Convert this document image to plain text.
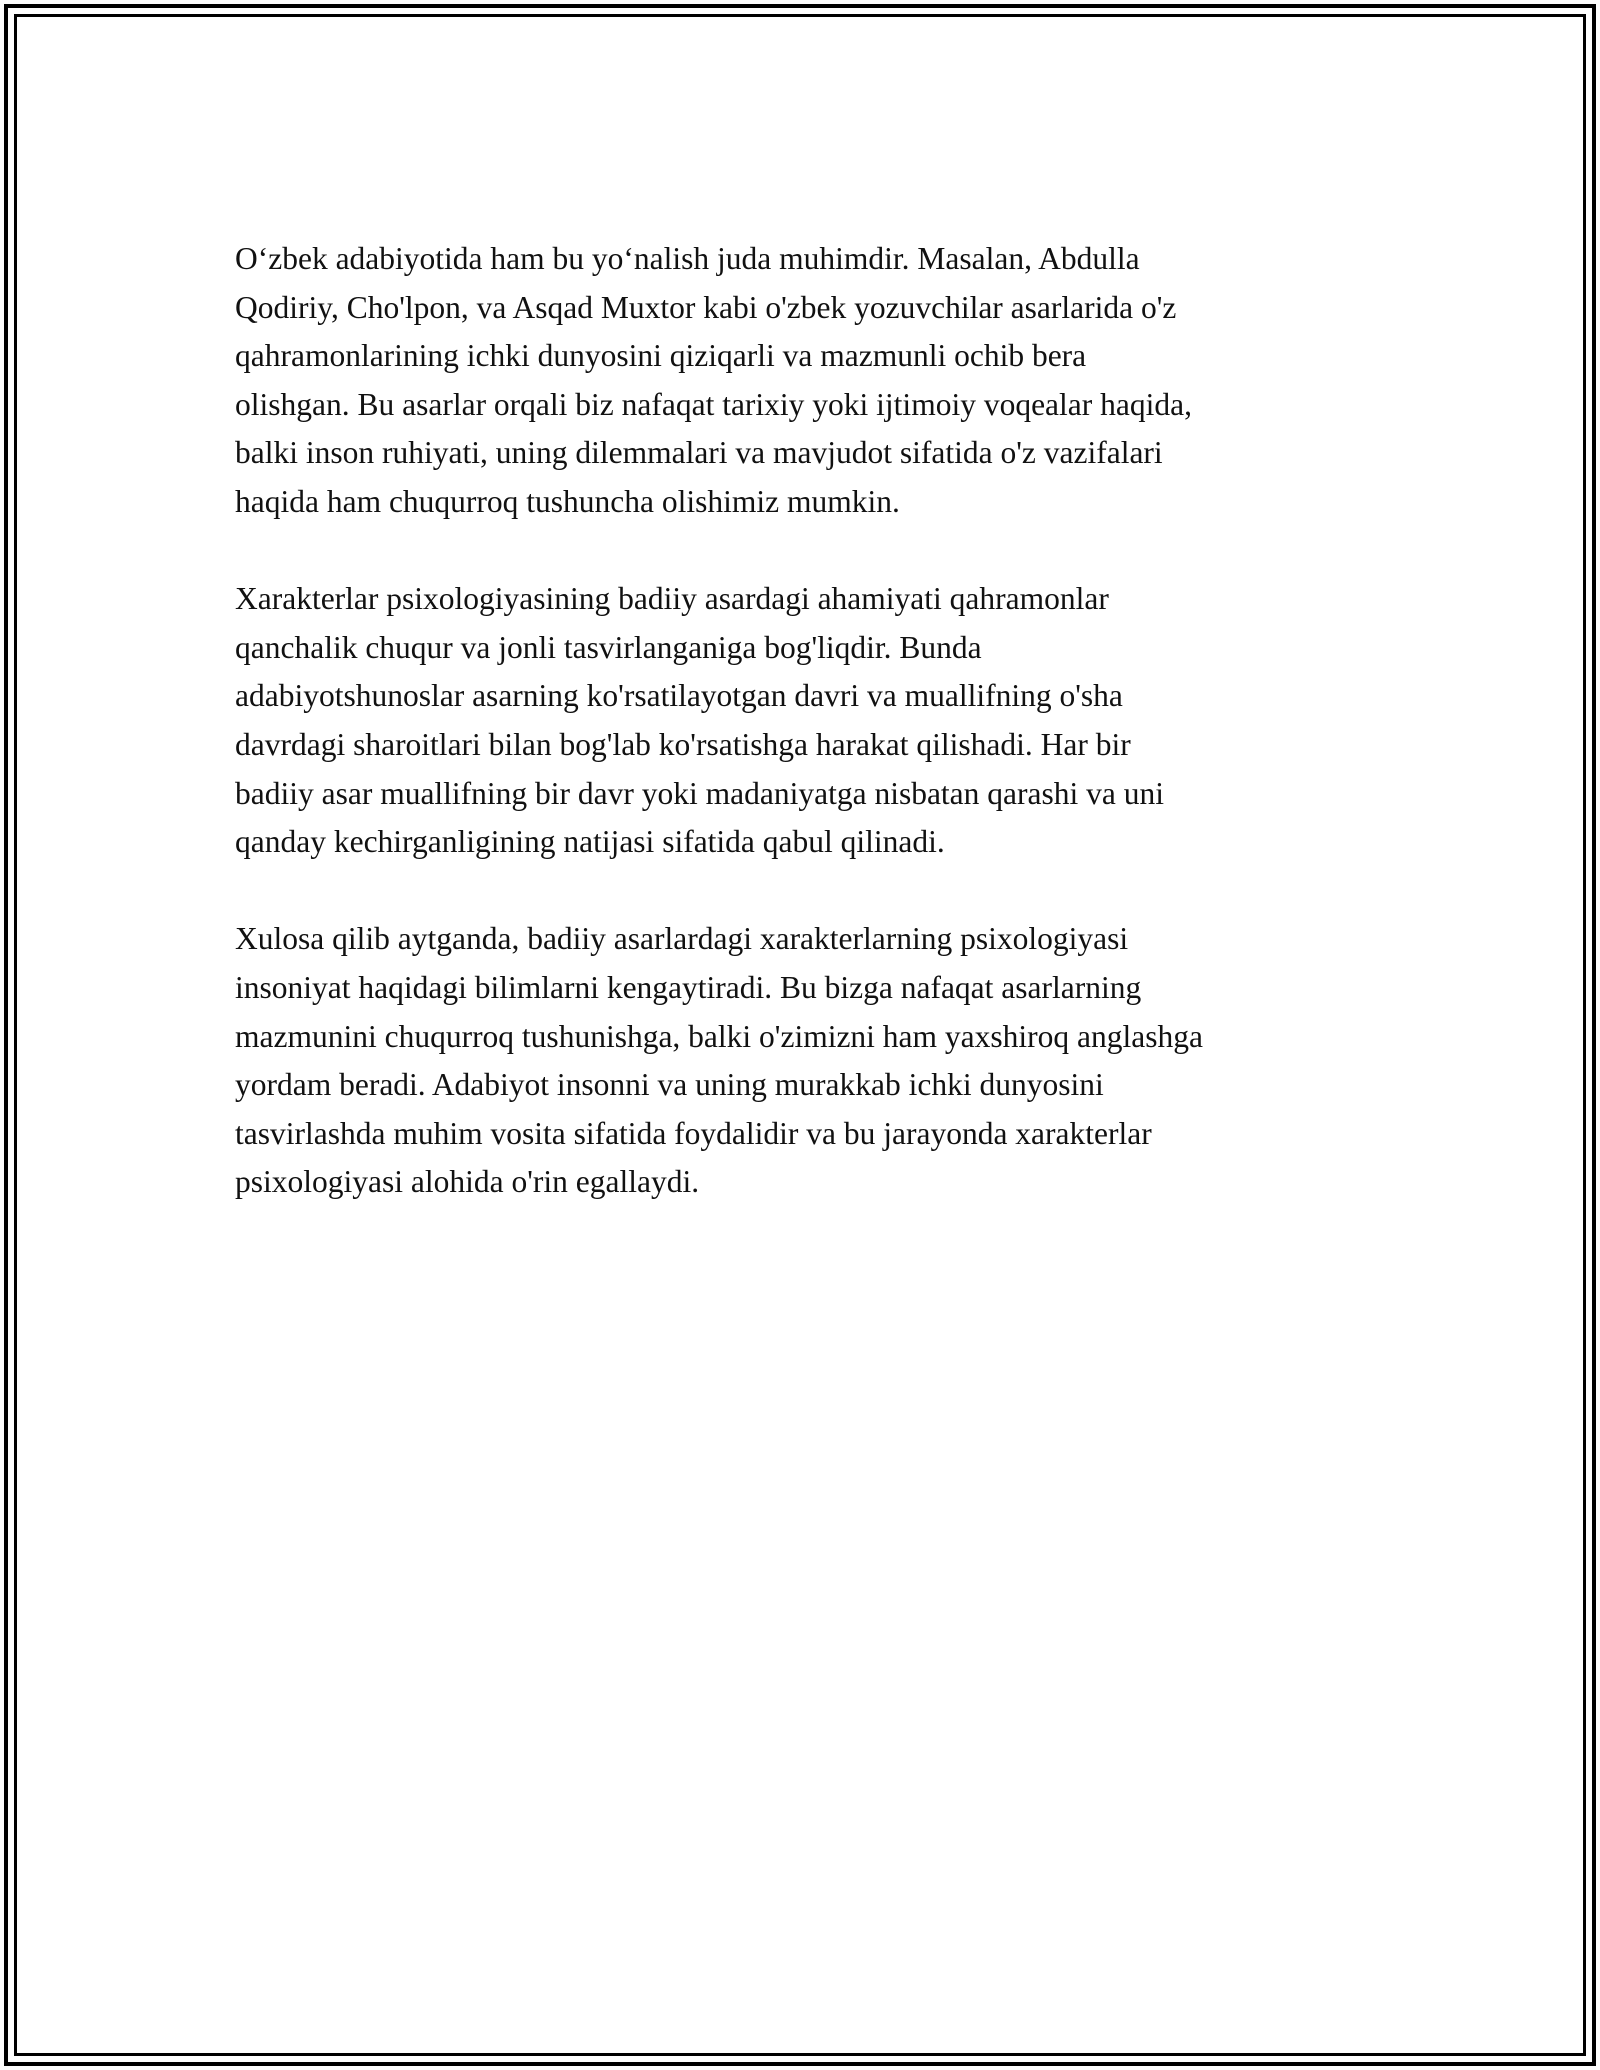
O‘zbek adabiyotida ham bu yo‘nalish juda muhimdir. Masalan, Abdulla
Qodiriy, Cho'lpon, va Asqad Muxtor kabi o'zbek yozuvchilar asarlarida o'z
qahramonlarining ichki dunyosini qiziqarli va mazmunli ochib bera
olishgan. Bu asarlar orqali biz nafaqat tarixiy yoki ijtimoiy voqealar haqida,
balki inson ruhiyati, uning dilemmalari va mavjudot sifatida o'z vazifalari
haqida ham chuqurroq tushuncha olishimiz mumkin.

Xarakterlar psixologiyasining badiiy asardagi ahamiyati qahramonlar
qanchalik chuqur va jonli tasvirlanganiga bog'liqdir. Bunda
adabiyotshunoslar asarning ko'rsatilayotgan davri va muallifning o'sha
davrdagi sharoitlari bilan bog'lab ko'rsatishga harakat qilishadi. Har bir
badiiy asar muallifning bir davr yoki madaniyatga nisbatan qarashi va uni
qanday kechirganligining natijasi sifatida qabul qilinadi.

Xulosa qilib aytganda, badiiy asarlardagi xarakterlarning psixologiyasi
insoniyat haqidagi bilimlarni kengaytiradi. Bu bizga nafaqat asarlarning
mazmunini chuqurroq tushunishga, balki o'zimizni ham yaxshiroq anglashga
yordam beradi. Adabiyot insonni va uning murakkab ichki dunyosini
tasvirlashda muhim vosita sifatida foydalidir va bu jarayonda xarakterlar
psixologiyasi alohida o'rin egallaydi.
